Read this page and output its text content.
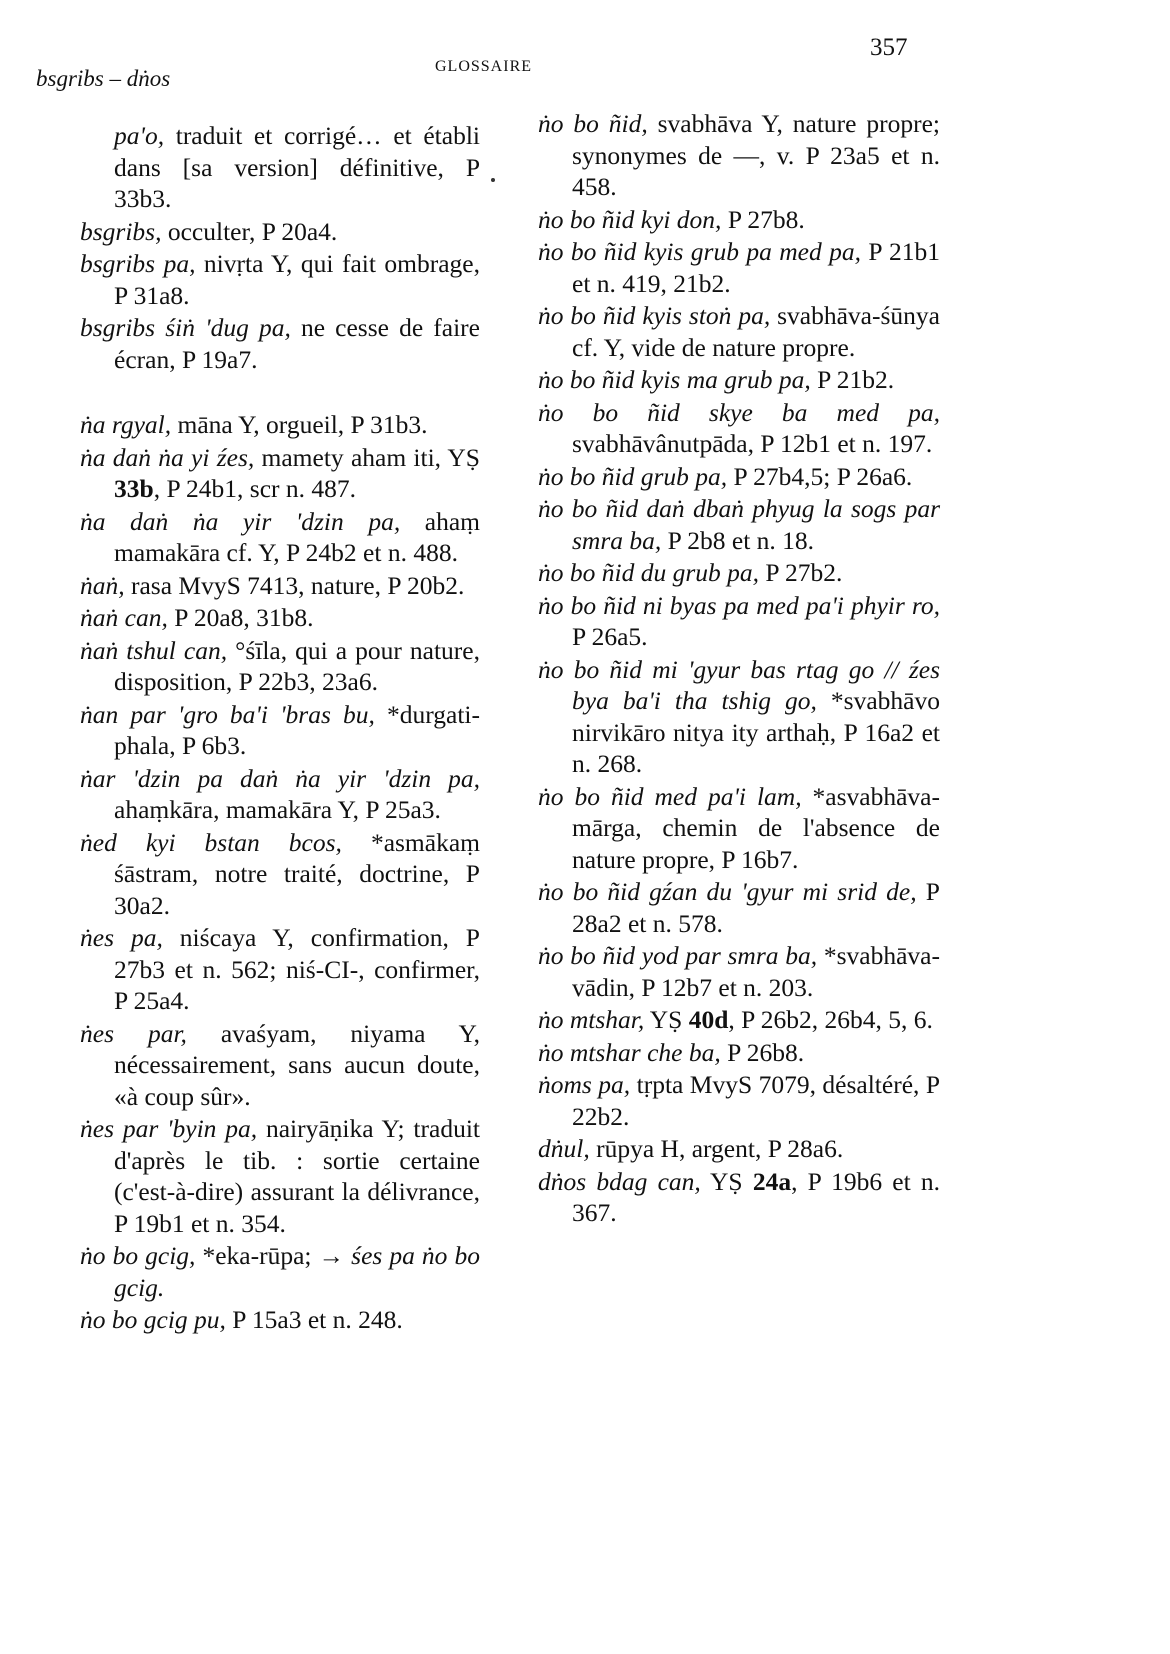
bsgribs – dṅos	GLOSSAIRE
357
pa'o, traduit et corrigé… et établi dans [sa version] définitive, P 33b3.
bsgribs, occulter, P 20a4.
bsgribs pa, nivṛta Y, qui fait ombrage, P 31a8.
bsgribs śiṅ 'dug pa, ne cesse de faire écran, P 19a7.
ṅa rgyal, māna Y, orgueil, P 31b3.
ṅa daṅ ṅa yi źes, mamety aham iti, YṢ 33b, P 24b1, scr n. 487.
ṅa daṅ ṅa yir 'dzin pa, ahaṃ mamakāra cf. Y, P 24b2 et n. 488.
ṅaṅ, rasa MvyS 7413, nature, P 20b2.
ṅaṅ can, P 20a8, 31b8.
ṅaṅ tshul can, °śīla, qui a pour nature, disposition, P 22b3, 23a6.
ṅan par 'gro ba'i 'bras bu, *durgati-phala, P 6b3.
ṅar 'dzin pa daṅ ṅa yir 'dzin pa, ahaṃkāra, mamakāra Y, P 25a3.
ṅed kyi bstan bcos, *asmākaṃ śāstram, notre traité, doctrine, P 30a2.
ṅes pa, niścaya Y, confirmation, P 27b3 et n. 562; niś-CI-, confirmer, P 25a4.
ṅes par, avaśyam, niyama Y, nécessairement, sans aucun doute, «à coup sûr».
ṅes par 'byin pa, nairyāṇika Y; traduit d'après le tib. : sortie certaine (c'est-à-dire) assurant la délivrance, P 19b1 et n. 354.
ṅo bo gcig, *eka-rūpa; → śes pa ṅo bo gcig.
ṅo bo gcig pu, P 15a3 et n. 248.
ṅo bo ñid, svabhāva Y, nature propre; synonymes de —, v. P 23a5 et n. 458.
ṅo bo ñid kyi don, P 27b8.
ṅo bo ñid kyis grub pa med pa, P 21b1 et n. 419, 21b2.
ṅo bo ñid kyis stoṅ pa, svabhāva-śūnya cf. Y, vide de nature propre.
ṅo bo ñid kyis ma grub pa, P 21b2.
ṅo bo ñid skye ba med pa, svabhāvânutpāda, P 12b1 et n. 197.
ṅo bo ñid grub pa, P 27b4,5; P 26a6.
ṅo bo ñid daṅ dbaṅ phyug la sogs par smra ba, P 2b8 et n. 18.
ṅo bo ñid du grub pa, P 27b2.
ṅo bo ñid ni byas pa med pa'i phyir ro, P 26a5.
ṅo bo ñid mi 'gyur bas rtag go // źes bya ba'i tha tshig go, *svabhāvo nirvikāro nitya ity arthaḥ, P 16a2 et n. 268.
ṅo bo ñid med pa'i lam, *asvabhāva-mārga, chemin de l'absence de nature propre, P 16b7.
ṅo bo ñid gźan du 'gyur mi srid de, P 28a2 et n. 578.
ṅo bo ñid yod par smra ba, *svabhāva-vādin, P 12b7 et n. 203.
ṅo mtshar, YṢ 40d, P 26b2, 26b4, 5, 6.
ṅo mtshar che ba, P 26b8.
ṅoms pa, tṛpta MvyS 7079, désaltéré, P 22b2.
dṅul, rūpya H, argent, P 28a6.
dṅos bdag can, YṢ 24a, P 19b6 et n. 367.
